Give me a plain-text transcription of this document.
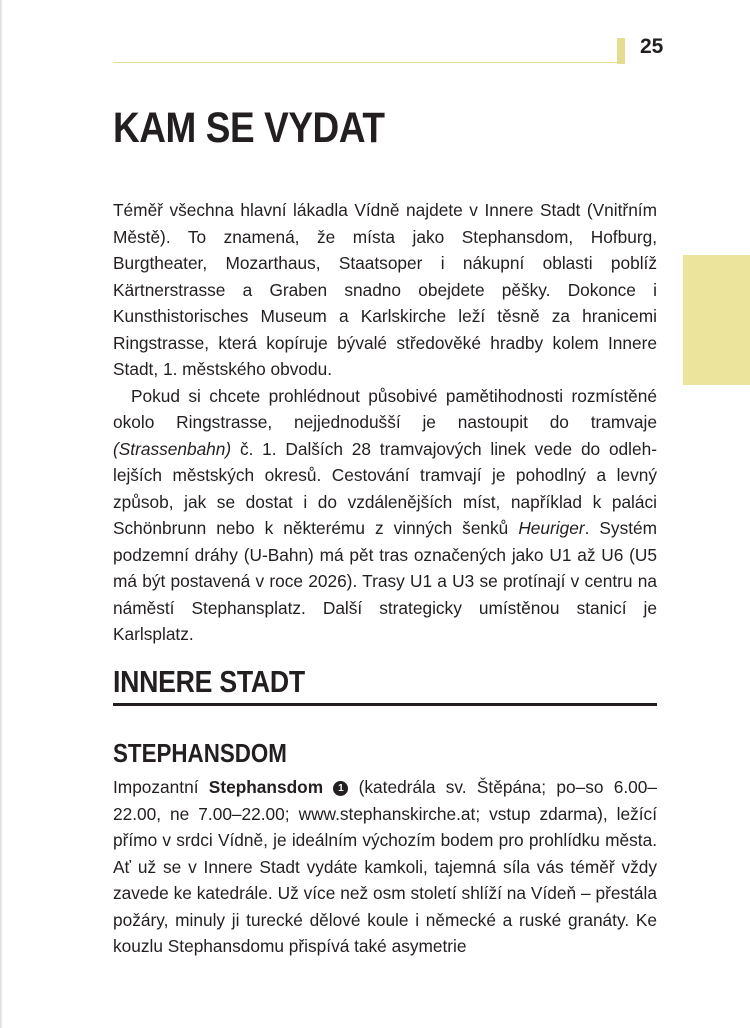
25
KAM SE VYDAT

Téměř všechna hlavní lákadla Vídně najdete v Innere Stadt (Vnitřním Městě). To znamená, že místa jako Stephansdom, Hofburg, Burgtheater, Mozarthaus, Staatsoper i nákupní oblasti poblíž Kärtnerstrasse a Graben snadno obejdete pěšky. Dokonce i Kunsthistorisches Museum a Karlskirche leží těsně za hranicemi Ringstrasse, která kopíruje bývalé středověké hradby kolem Innere Stadt, 1. městského obvodu.

Pokud si chcete prohlédnout působivé pamětihodnosti rozmístěné okolo Ringstrasse, nejjednodušší je nastoupit do tramvaje (Strassenbahn) č. 1. Dalších 28 tramvajových linek vede do odlehlejších městských okresů. Cestování tramvají je pohodlný a levný způsob, jak se dostat i do vzdálenějších míst, například k paláci Schönbrunn nebo k některému z vinných šenků Heuriger. Systém podzemní dráhy (U-Bahn) má pět tras označených jako U1 až U6 (U5 má být postavená v roce 2026). Trasy U1 a U3 se protínají v centru na náměstí Stephansplatz. Další strategicky umístěnou stanicí je Karlsplatz.

INNERE STADT
STEPHANSDOM

Impozantní Stephansdom 1 (katedrála sv. Štěpána; po–so 6.00–22.00, ne 7.00–22.00; www.stephanskirche.at; vstup zdarma), ležící přímo v srdci Vídně, je ideálním výchozím bodem pro prohlídku města. Ať už se v Innere Stadt vydáte kamkoli, tajemná síla vás téměř vždy zavede ke katedrále. Už více než osm století shlíží na Vídeň – přestála požáry, minuly ji turecké dělové koule i německé a ruské granáty. Ke kouzlu Stephansdomu přispívá také asymetrie
